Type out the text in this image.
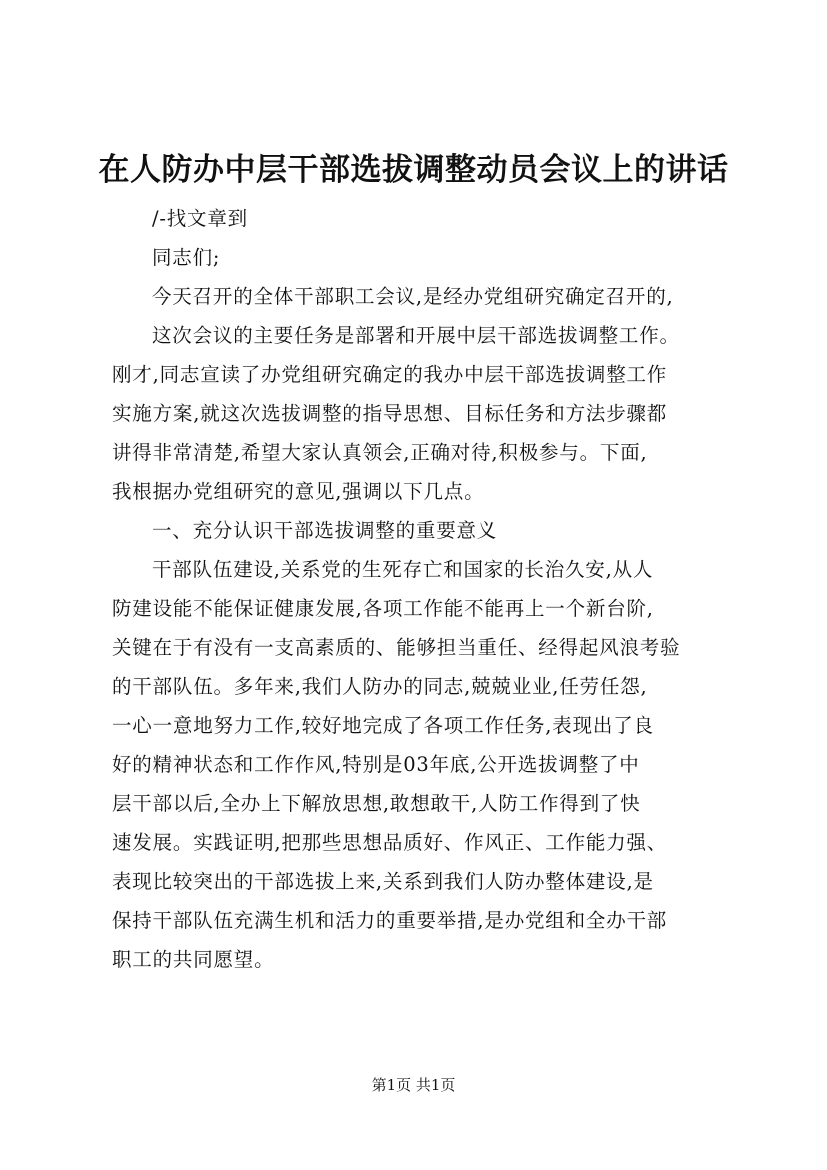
在人防办中层干部选拔调整动员会议上的讲话
/-找文章到
同志们;
今天召开的全体干部职工会议,是经办党组研究确定召开的,
这次会议的主要任务是部署和开展中层干部选拔调整工作。
刚才,同志宣读了办党组研究确定的我办中层干部选拔调整工作
实施方案,就这次选拔调整的指导思想、目标任务和方法步骤都
讲得非常清楚,希望大家认真领会,正确对待,积极参与。下面,
我根据办党组研究的意见,强调以下几点。
一、充分认识干部选拔调整的重要意义
干部队伍建设,关系党的生死存亡和国家的长治久安,从人
防建设能不能保证健康发展,各项工作能不能再上一个新台阶,
关键在于有没有一支高素质的、能够担当重任、经得起风浪考验
的干部队伍。多年来,我们人防办的同志,兢兢业业,任劳任怨,
一心一意地努力工作,较好地完成了各项工作任务,表现出了良
好的精神状态和工作作风,特别是03年底,公开选拔调整了中
层干部以后,全办上下解放思想,敢想敢干,人防工作得到了快
速发展。实践证明,把那些思想品质好、作风正、工作能力强、
表现比较突出的干部选拔上来,关系到我们人防办整体建设,是
保持干部队伍充满生机和活力的重要举措,是办党组和全办干部
职工的共同愿望。
第1页 共1页
